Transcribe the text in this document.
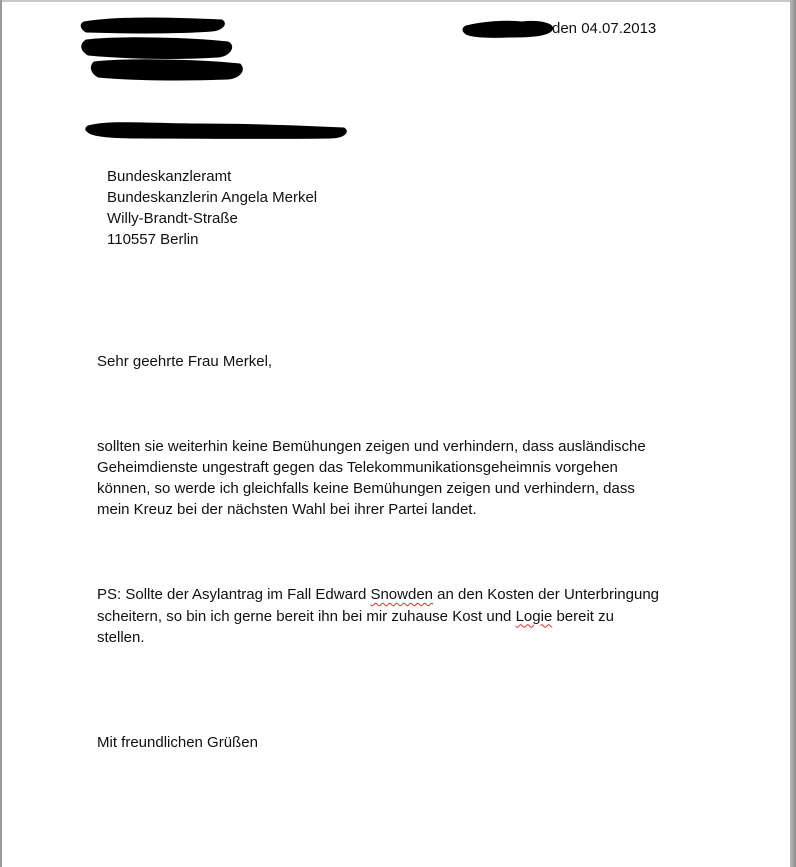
den 04.07.2013
Bundeskanzleramt
Bundeskanzlerin Angela Merkel
Willy-Brandt-Straße
110557 Berlin
Sehr geehrte Frau Merkel,
sollten sie weiterhin keine Bemühungen zeigen und verhindern, dass ausländische
Geheimdienste ungestraft gegen das Telekommunikationsgeheimnis vorgehen
können, so werde ich gleichfalls keine Bemühungen zeigen und verhindern, dass
mein Kreuz bei der nächsten Wahl bei ihrer Partei landet.
PS: Sollte der Asylantrag im Fall Edward Snowden an den Kosten der Unterbringung
scheitern, so bin ich gerne bereit ihn bei mir zuhause Kost und Logie bereit zu
stellen.
Mit freundlichen Grüßen
